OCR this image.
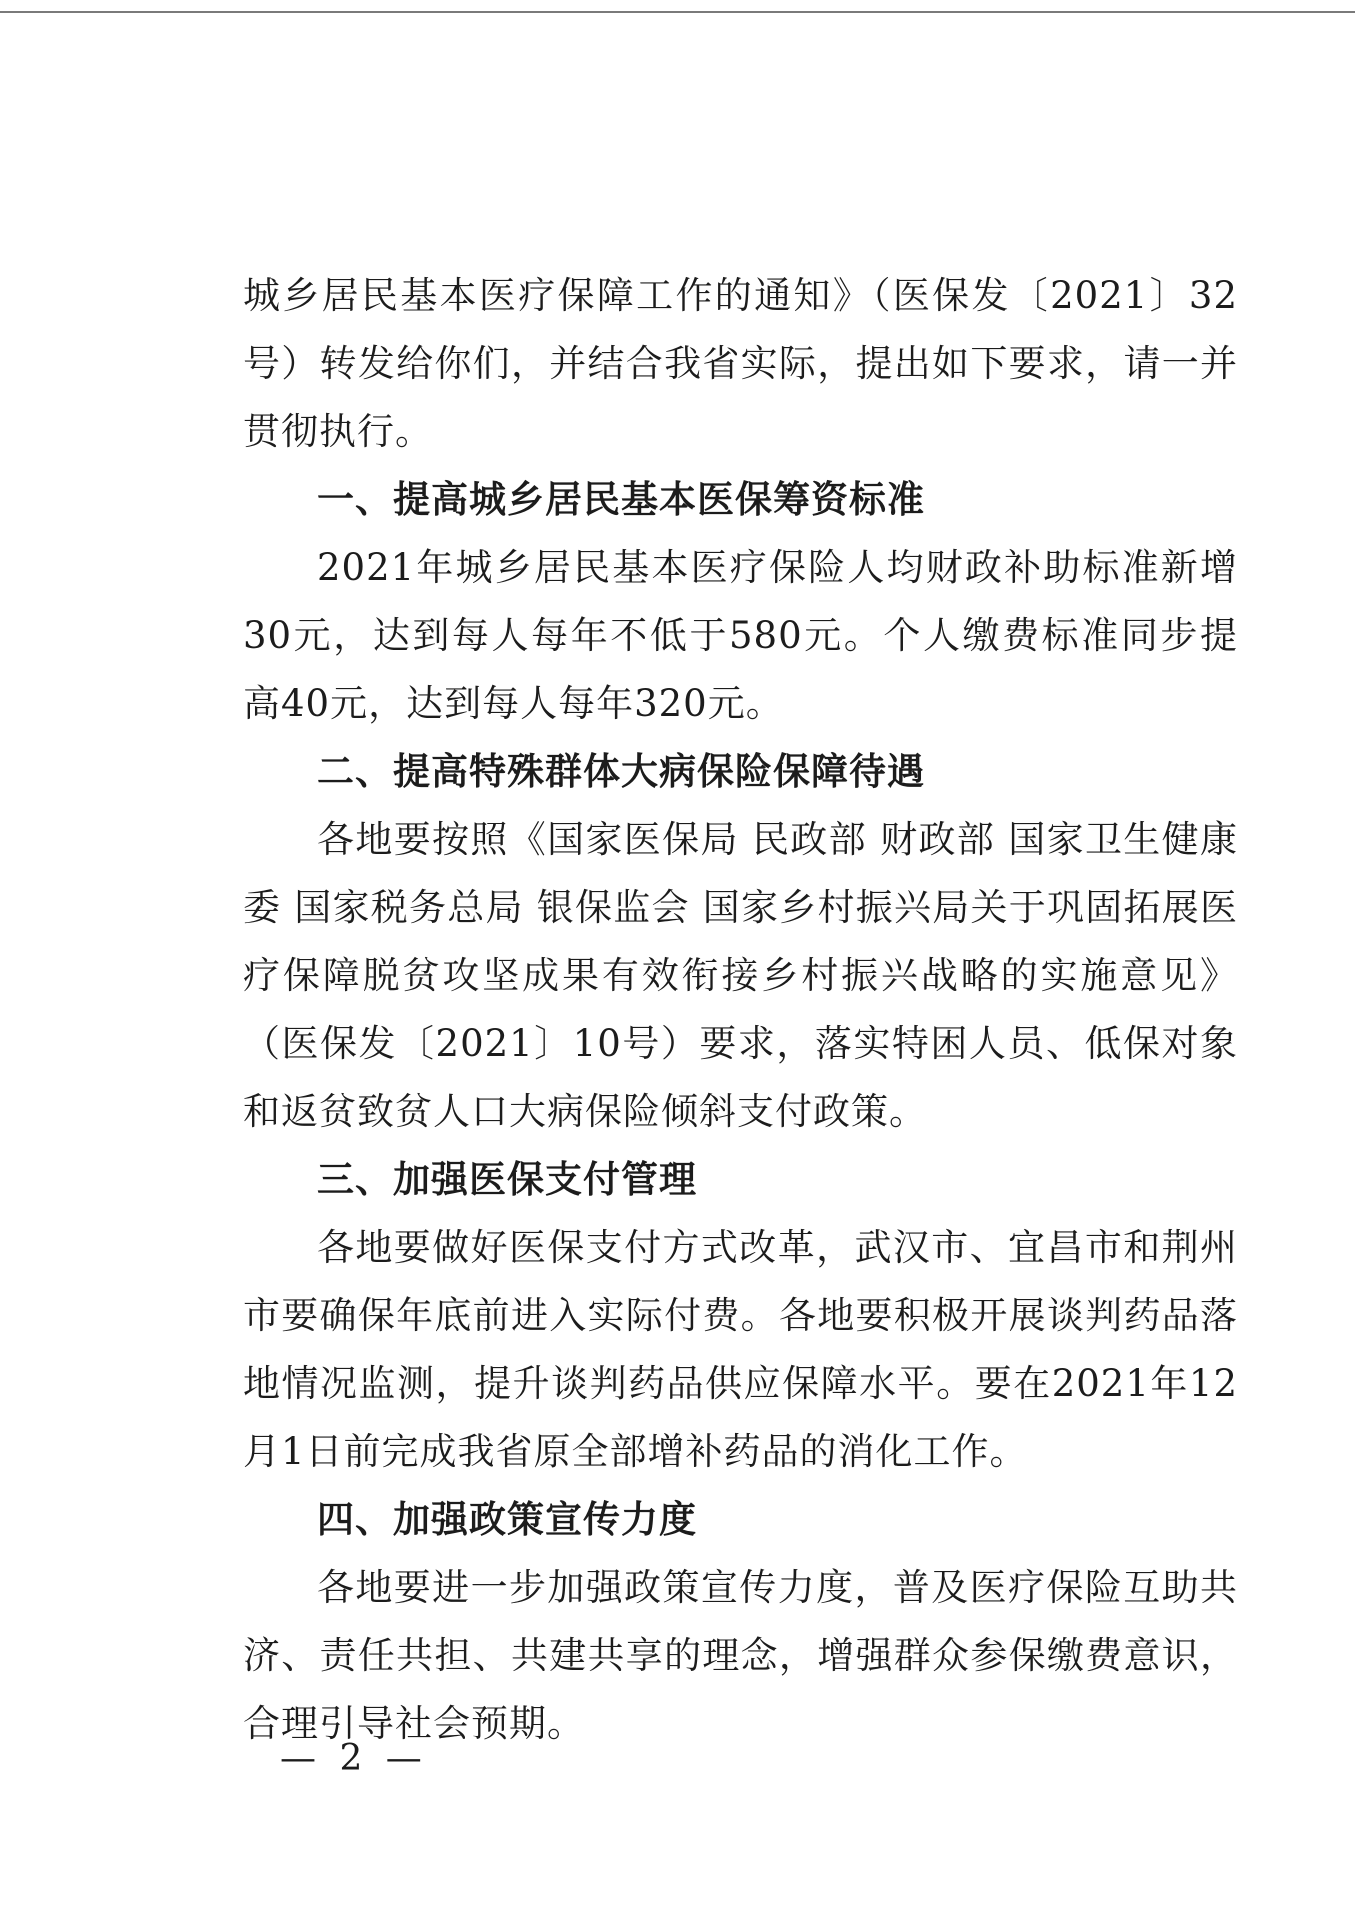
城乡居民基本医疗保障工作的通知》（医保发〔2021〕32号）转发给你们，并结合我省实际，提出如下要求，请一并贯彻执行。

一、提高城乡居民基本医保筹资标准

2021年城乡居民基本医疗保险人均财政补助标准新增30元，达到每人每年不低于580元。个人缴费标准同步提高40元，达到每人每年320元。

二、提高特殊群体大病保险保障待遇

各地要按照《国家医保局 民政部 财政部 国家卫生健康委 国家税务总局 银保监会 国家乡村振兴局关于巩固拓展医疗保障脱贫攻坚成果有效衔接乡村振兴战略的实施意见》（医保发〔2021〕10号）要求，落实特困人员、低保对象和返贫致贫人口大病保险倾斜支付政策。

三、加强医保支付管理

各地要做好医保支付方式改革，武汉市、宜昌市和荆州市要确保年底前进入实际付费。各地要积极开展谈判药品落地情况监测，提升谈判药品供应保障水平。要在2021年12月1日前完成我省原全部增补药品的消化工作。

四、加强政策宣传力度

各地要进一步加强政策宣传力度，普及医疗保险互助共济、责任共担、共建共享的理念，增强群众参保缴费意识，合理引导社会预期。

— 2 —
